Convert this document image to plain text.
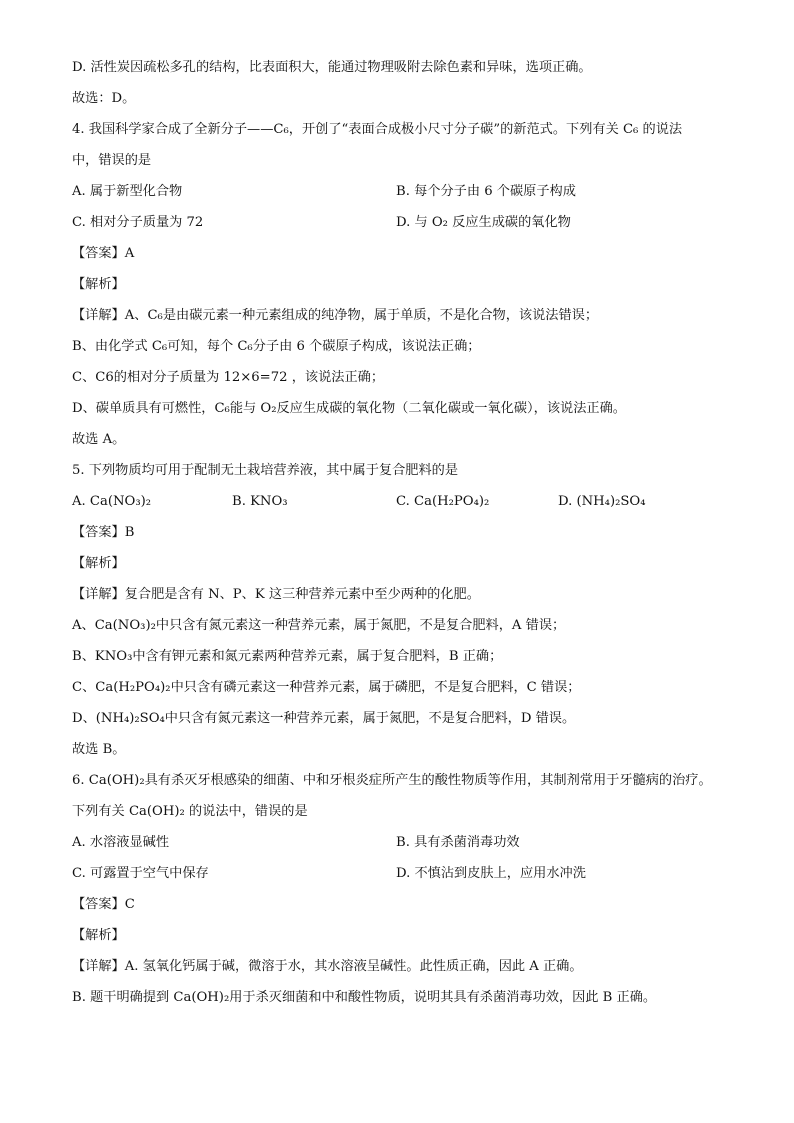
D. 活性炭因疏松多孔的结构，比表面积大，能通过物理吸附去除色素和异味，选项正确。
故选：D。
4. 我国科学家合成了全新分子——C₆，开创了“表面合成极小尺寸分子碳”的新范式。下列有关 C₆ 的说法
中，错误的是
A. 属于新型化合物	B. 每个分子由 6 个碳原子构成
C. 相对分子质量为 72	D. 与 O₂ 反应生成碳的氧化物
【答案】A
【解析】
【详解】A、C₆是由碳元素一种元素组成的纯净物，属于单质，不是化合物，该说法错误；
B、由化学式 C₆可知，每个 C₆分子由 6 个碳原子构成，该说法正确；
C、C6的相对分子质量为 12×6=72 ，该说法正确；
D、碳单质具有可燃性，C₆能与 O₂反应生成碳的氧化物（二氧化碳或一氧化碳），该说法正确。
故选 A。
5. 下列物质均可用于配制无土栽培营养液，其中属于复合肥料的是
A. Ca(NO₃)₂	B. KNO₃	C. Ca(H₂PO₄)₂	D. (NH₄)₂SO₄
【答案】B
【解析】
【详解】复合肥是含有 N、P、K 这三种营养元素中至少两种的化肥。
A、Ca(NO₃)₂中只含有氮元素这一种营养元素，属于氮肥，不是复合肥料，A 错误；
B、KNO₃中含有钾元素和氮元素两种营养元素，属于复合肥料，B 正确；
C、Ca(H₂PO₄)₂中只含有磷元素这一种营养元素，属于磷肥，不是复合肥料，C 错误；
D、(NH₄)₂SO₄中只含有氮元素这一种营养元素，属于氮肥，不是复合肥料，D 错误。
故选 B。
6. Ca(OH)₂具有杀灭牙根感染的细菌、中和牙根炎症所产生的酸性物质等作用，其制剂常用于牙髓病的治疗。
下列有关 Ca(OH)₂ 的说法中，错误的是
A. 水溶液显碱性	B. 具有杀菌消毒功效
C. 可露置于空气中保存	D. 不慎沾到皮肤上，应用水冲洗
【答案】C
【解析】
【详解】A. 氢氧化钙属于碱，微溶于水，其水溶液呈碱性。此性质正确，因此 A 正确。
B. 题干明确提到 Ca(OH)₂用于杀灭细菌和中和酸性物质，说明其具有杀菌消毒功效，因此 B 正确。
